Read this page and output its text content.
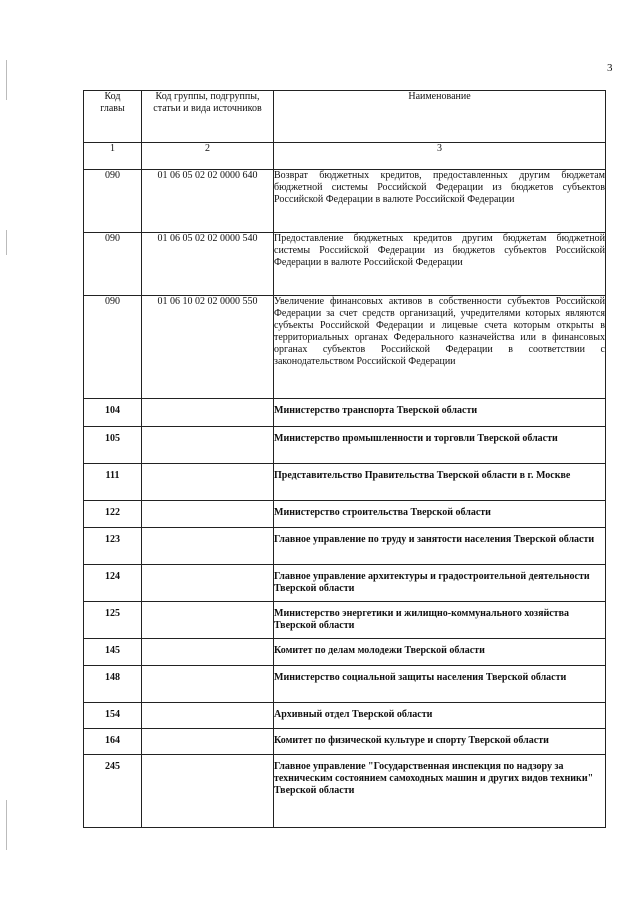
3
Код главы	Код группы, подгруппы, статьи и вида источников	Наименование
1	2	3
090	01 06 05 02 02 0000 640	Возврат бюджетных кредитов, предоставленных другим бюджетам бюджетной системы Российской Федерации из бюджетов субъектов Российской Федерации в валюте Российской Федерации
090	01 06 05 02 02 0000 540	Предоставление бюджетных кредитов другим бюджетам бюджетной системы Российской Федерации из бюджетов субъектов Российской Федерации в валюте Российской Федерации
090	01 06 10 02 02 0000 550	Увеличение финансовых активов в собственности субъектов Российской Федерации за счет средств организаций, учредителями которых являются субъекты Российской Федерации и лицевые счета которым открыты в территориальных органах Федерального казначейства или в финансовых органах субъектов Российской Федерации в соответствии с законодательством Российской Федерации
104		Министерство транспорта Тверской области
105		Министерство промышленности и торговли Тверской области
111		Представительство Правительства Тверской области в г. Москве
122		Министерство строительства Тверской области
123		Главное управление по труду и занятости населения Тверской области
124		Главное управление архитектуры и градостроительной деятельности Тверской области
125		Министерство энергетики и жилищно-коммунального хозяйства Тверской области
145		Комитет по делам молодежи Тверской области
148		Министерство социальной защиты населения Тверской области
154		Архивный отдел Тверской области
164		Комитет по физической культуре и спорту Тверской области
245		Главное управление "Государственная инспекция по надзору за техническим состоянием самоходных машин и других видов техники" Тверской области
